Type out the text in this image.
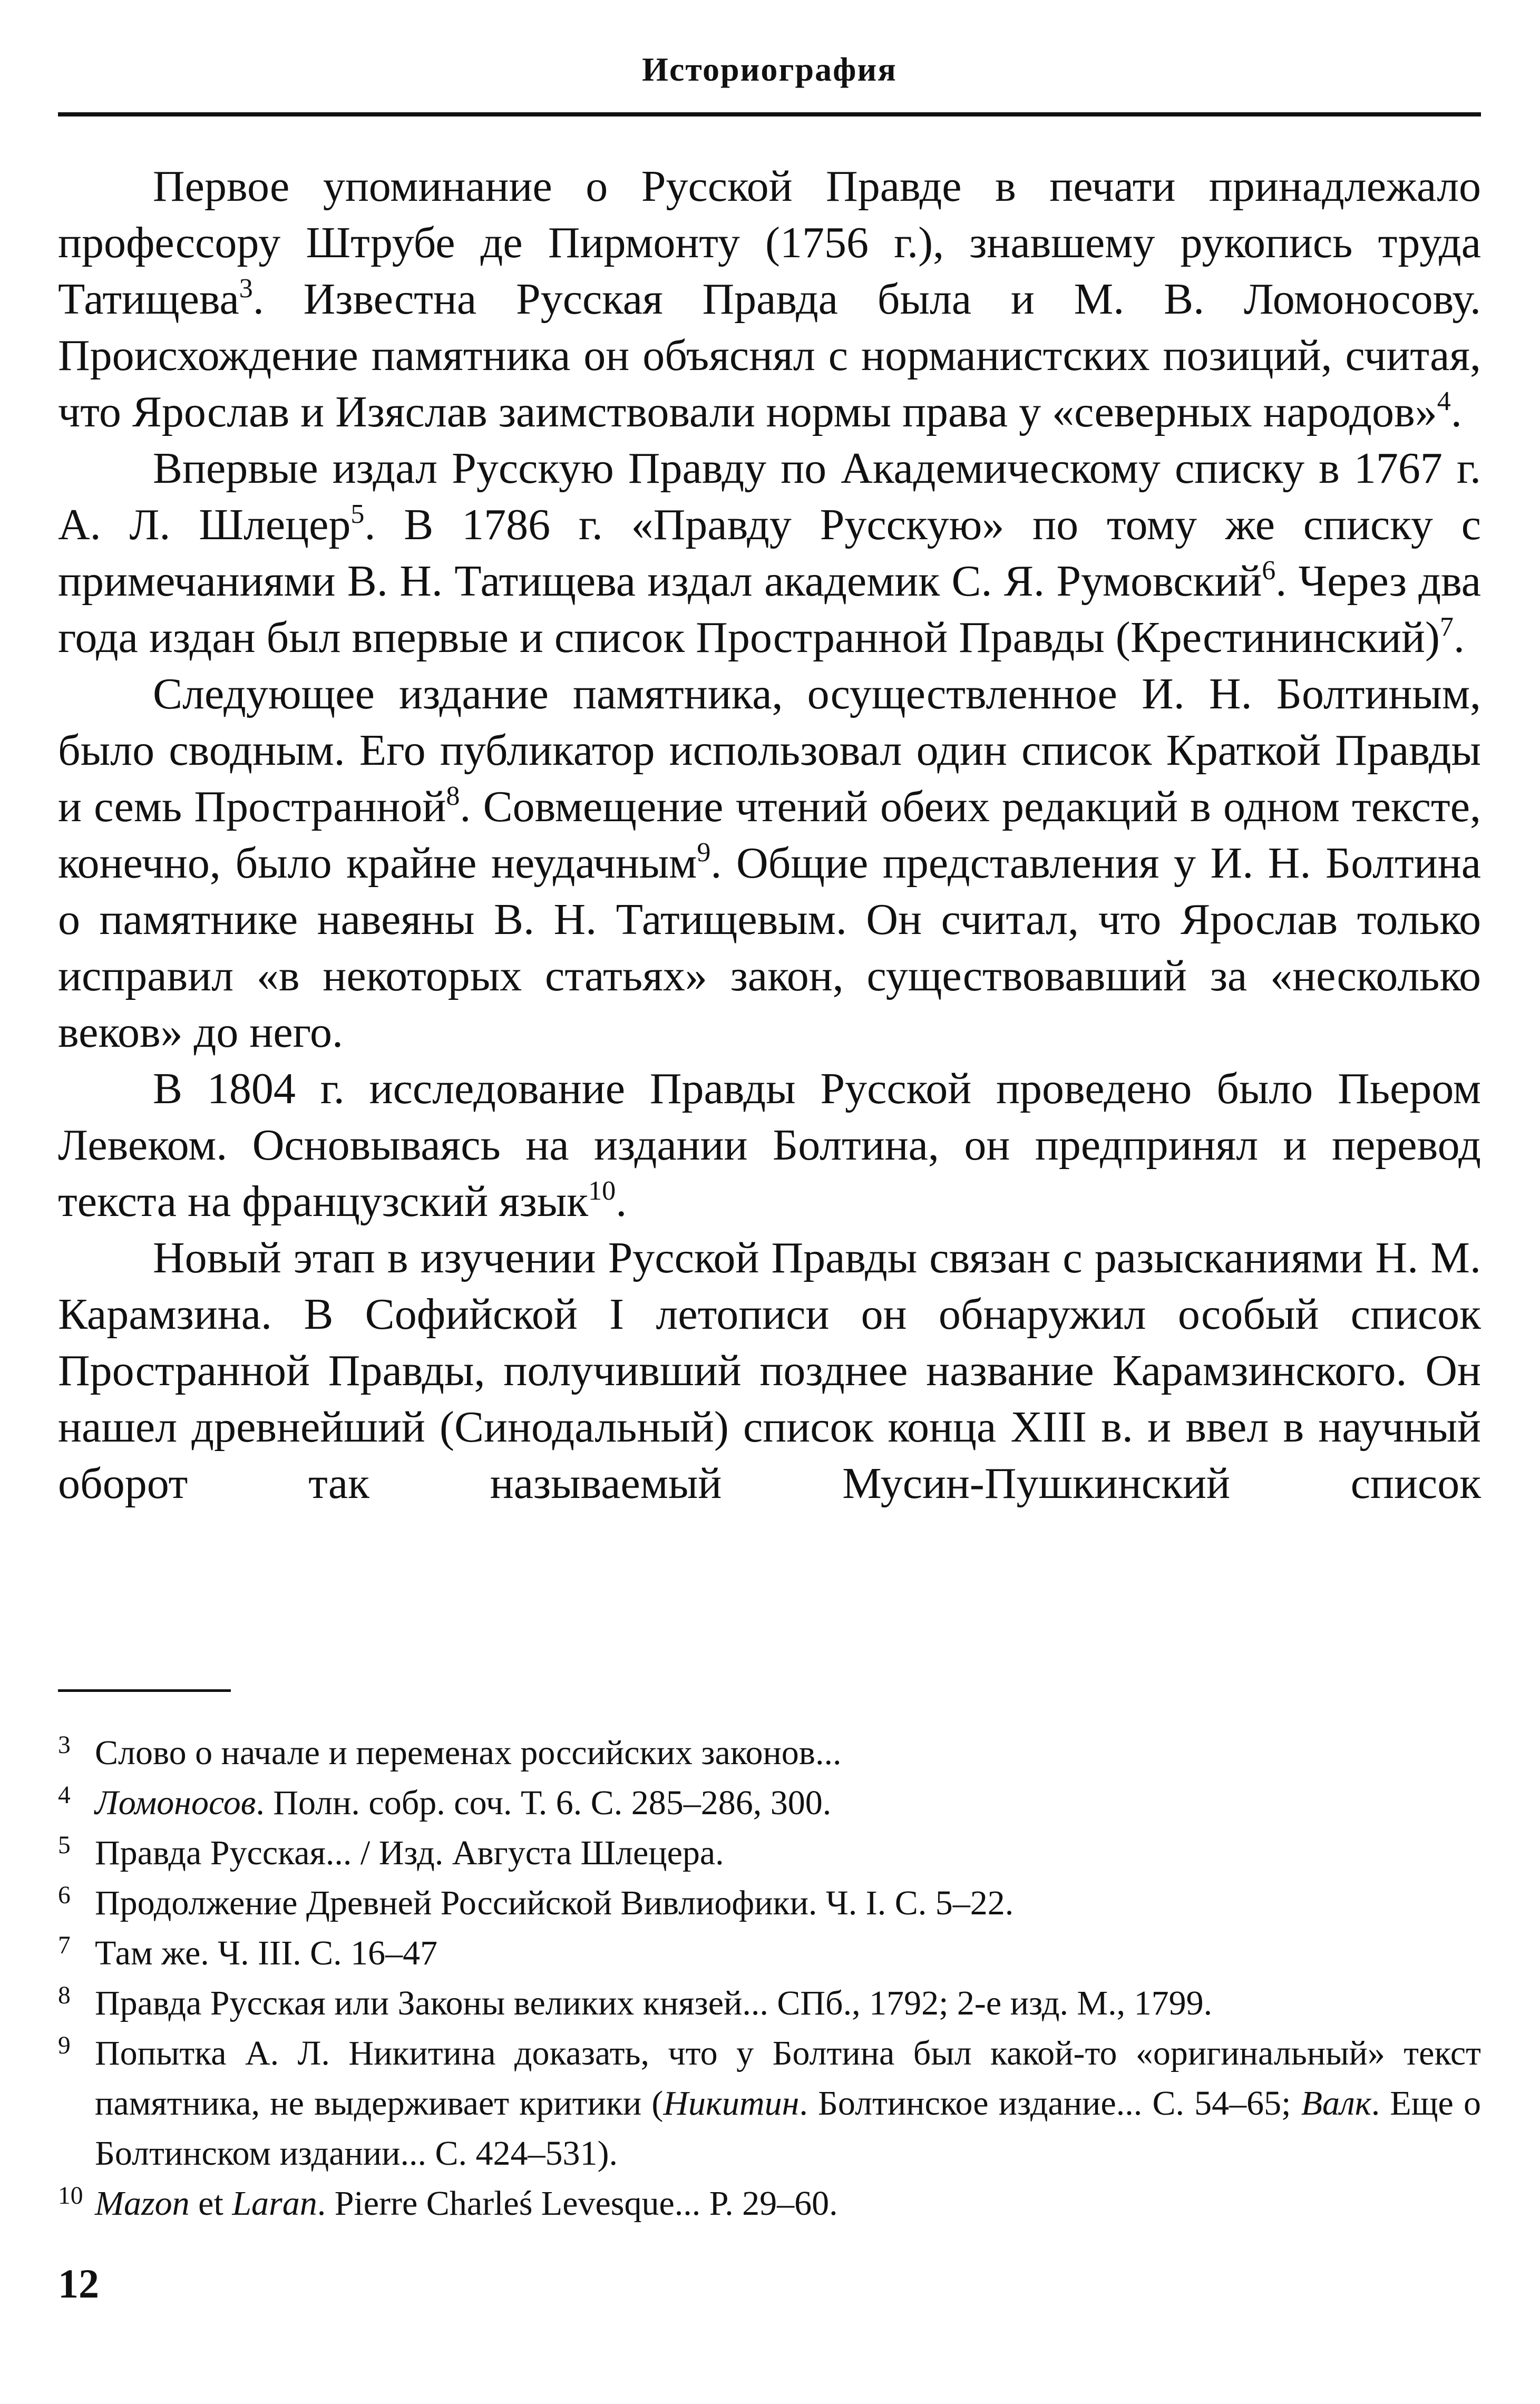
Историография

Первое упоминание о Русской Правде в печати принадлежало профессору Штрубе де Пирмонту (1756 г.), знавшему рукопись труда Татищева$^3$. Известна Русская Правда была и М. В. Ломоносову. Происхождение памятника он объяснял с норманистских позиций, считая, что Ярослав и Изяслав заимствовали нормы права у «северных народов»$^4$.

Впервые издал Русскую Правду по Академическому списку в 1767 г. А. Л. Шлецер$^5$. В 1786 г. «Правду Русскую» по тому же списку с примечаниями В. Н. Татищева издал академик С. Я. Румовский$^6$. Через два года издан был впервые и список Пространной Правды (Крестининский)$^7$.

Следующее издание памятника, осуществленное И. Н. Болтиным, было сводным. Его публикатор использовал один список Краткой Правды и семь Пространной$^8$. Совмещение чтений обеих редакций в одном тексте, конечно, было крайне неудачным$^9$. Общие представления у И. Н. Болтина о памятнике навеяны В. Н. Татищевым. Он считал, что Ярослав только исправил «в некоторых статьях» закон, существовавший за «несколько веков» до него.

В 1804 г. исследование Правды Русской проведено было Пьером Левеком. Основываясь на издании Болтина, он предпринял и перевод текста на французский язык$^{10}$.

Новый этап в изучении Русской Правды связан с разысканиями Н. М. Карамзина. В Софийской I летописи он обнаружил особый список Пространной Правды, получивший позднее название Карамзинского. Он нашел древнейший (Синодальный) список конца XIII в. и ввел в научный оборот так называемый Мусин-Пушкинский список

3 Слово о начале и переменах российских законов...

4 Ломоносов. Полн. собр. соч. Т. 6. С. 285–286, 300.

5 Правда Русская... / Изд. Августа Шлецера.

6 Продолжение Древней Российской Вивлиофики. Ч. I. С. 5–22.

7 Там же. Ч. III. С. 16–47

8 Правда Русская или Законы великих князей... СПб., 1792; 2-е изд. М., 1799.

9 Попытка А. Л. Никитина доказать, что у Болтина был какой-то «оригинальный» текст памятника, не выдерживает критики (Никитин. Болтинское издание... С. 54–65; Валк. Еще о Болтинском издании... С. 424–531).

10 Mazon et Laran. Pierre Charlеś Levesque... P. 29–60.

12
